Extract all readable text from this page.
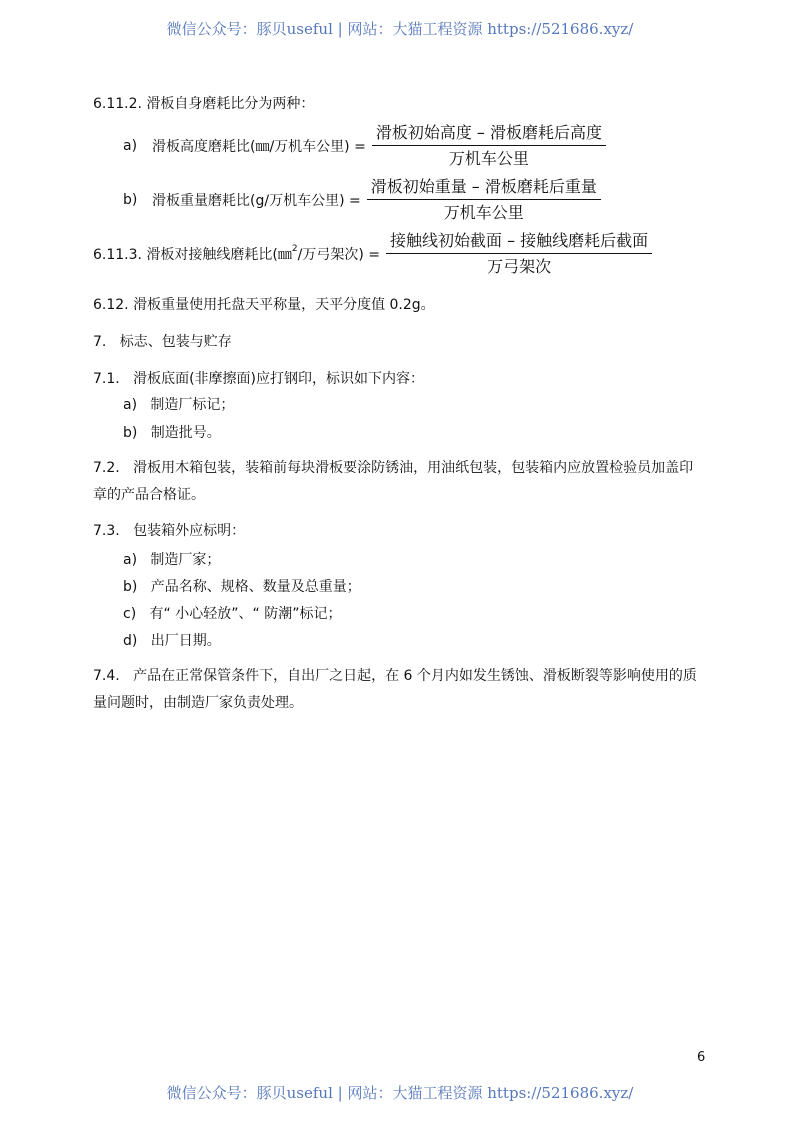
微信公众号：豚贝useful | 网站：大猫工程资源 https://521686.xyz/
6.11.2. 滑板自身磨耗比分为两种：
a)	滑板高度磨耗比(㎜/万机车公里) = $\frac{\text{滑板初始高度 – 滑板磨耗后高度}}{\text{万机车公里}}$
b)	滑板重量磨耗比(g/万机车公里) = $\frac{\text{滑板初始重量 – 滑板磨耗后重量}}{\text{万机车公里}}$
6.11.3. 滑板对接触线磨耗比(㎜$^2$/万弓架次) = $\frac{\text{接触线初始截面 – 接触线磨耗后截面}}{\text{万弓架次}}$
6.12. 滑板重量使用托盘天平称量，天平分度值 0.2g。
7. 标志、包装与贮存
7.1. 滑板底面(非摩擦面)应打钢印，标识如下内容：
a) 制造厂标记；
b) 制造批号。
7.2. 滑板用木箱包装，装箱前每块滑板要涂防锈油，用油纸包装，包装箱内应放置检验员加盖印
章的产品合格证。
7.3. 包装箱外应标明：
a) 制造厂家；
b) 产品名称、规格、数量及总重量；
c) 有“ 小心轻放”、“ 防潮”标记；
d) 出厂日期。
7.4. 产品在正常保管条件下，自出厂之日起，在 6 个月内如发生锈蚀、滑板断裂等影响使用的质
量问题时，由制造厂家负责处理。
6
微信公众号：豚贝useful | 网站：大猫工程资源 https://521686.xyz/
